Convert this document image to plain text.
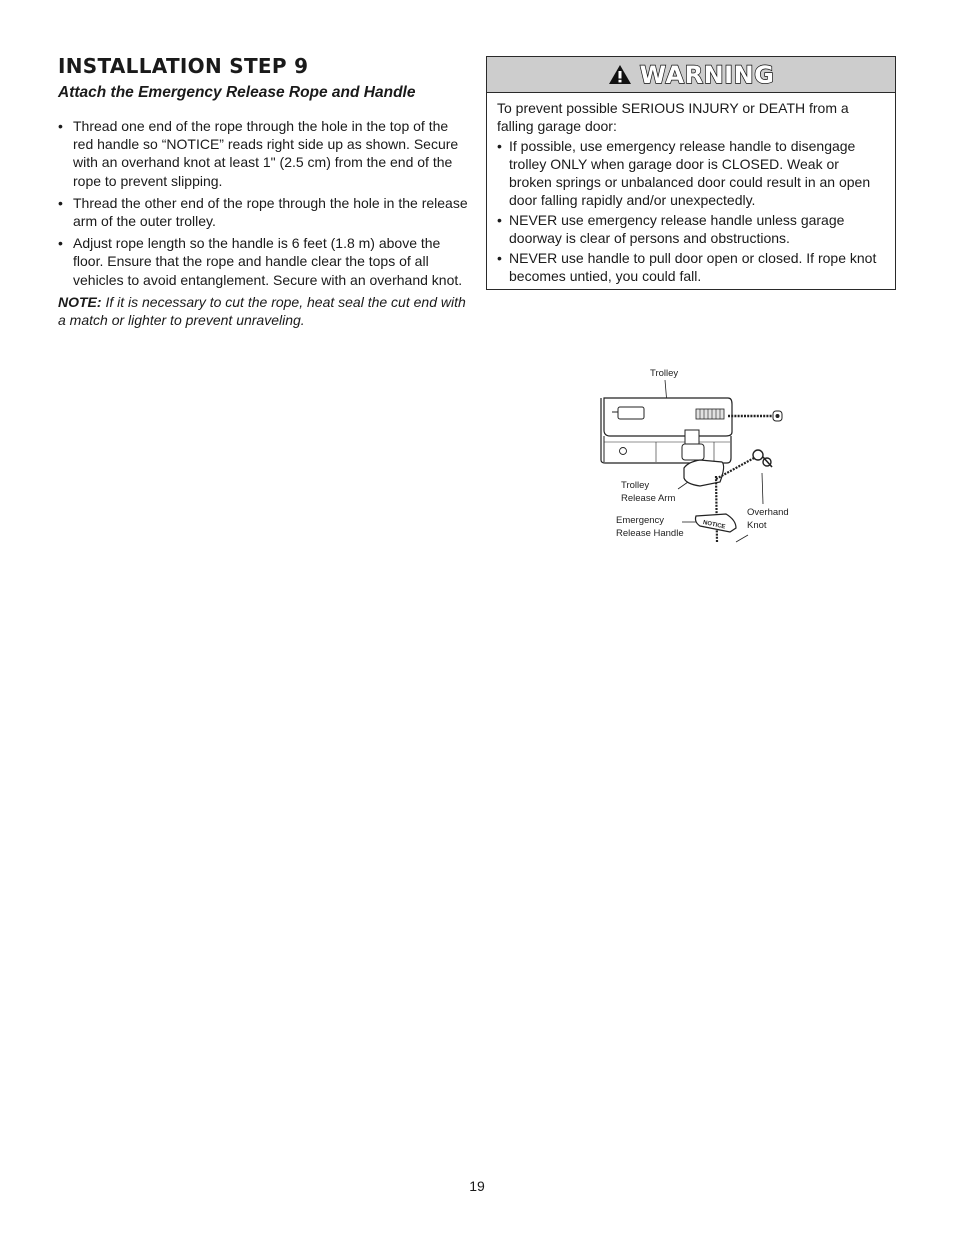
INSTALLATION STEP 9
Attach the Emergency Release Rope and Handle
• Thread one end of the rope through the hole in the top of the red handle so “NOTICE” reads right side up as shown. Secure with an overhand knot at least 1" (2.5 cm) from the end of the rope to prevent slipping.
• Thread the other end of the rope through the hole in the release arm of the outer trolley.
• Adjust rope length so the handle is 6 feet (1.8 m) above the floor. Ensure that the rope and handle clear the tops of all vehicles to avoid entanglement. Secure with an overhand knot.

NOTE: If it is necessary to cut the rope, heat seal the cut end with a match or lighter to prevent unraveling.

WARNING

To prevent possible SERIOUS INJURY or DEATH from a falling garage door:

• If possible, use emergency release handle to disengage trolley ONLY when garage door is CLOSED. Weak or broken springs or unbalanced door could result in an open door falling rapidly and/or unexpectedly.
• NEVER use emergency release handle unless garage doorway is clear of persons and obstructions.
• NEVER use handle to pull door open or closed. If rope knot becomes untied, you could fall.
Trolley
NOTICE
Trolley
Release Arm
Emergency
Release Handle
Overhand
Knot
19
